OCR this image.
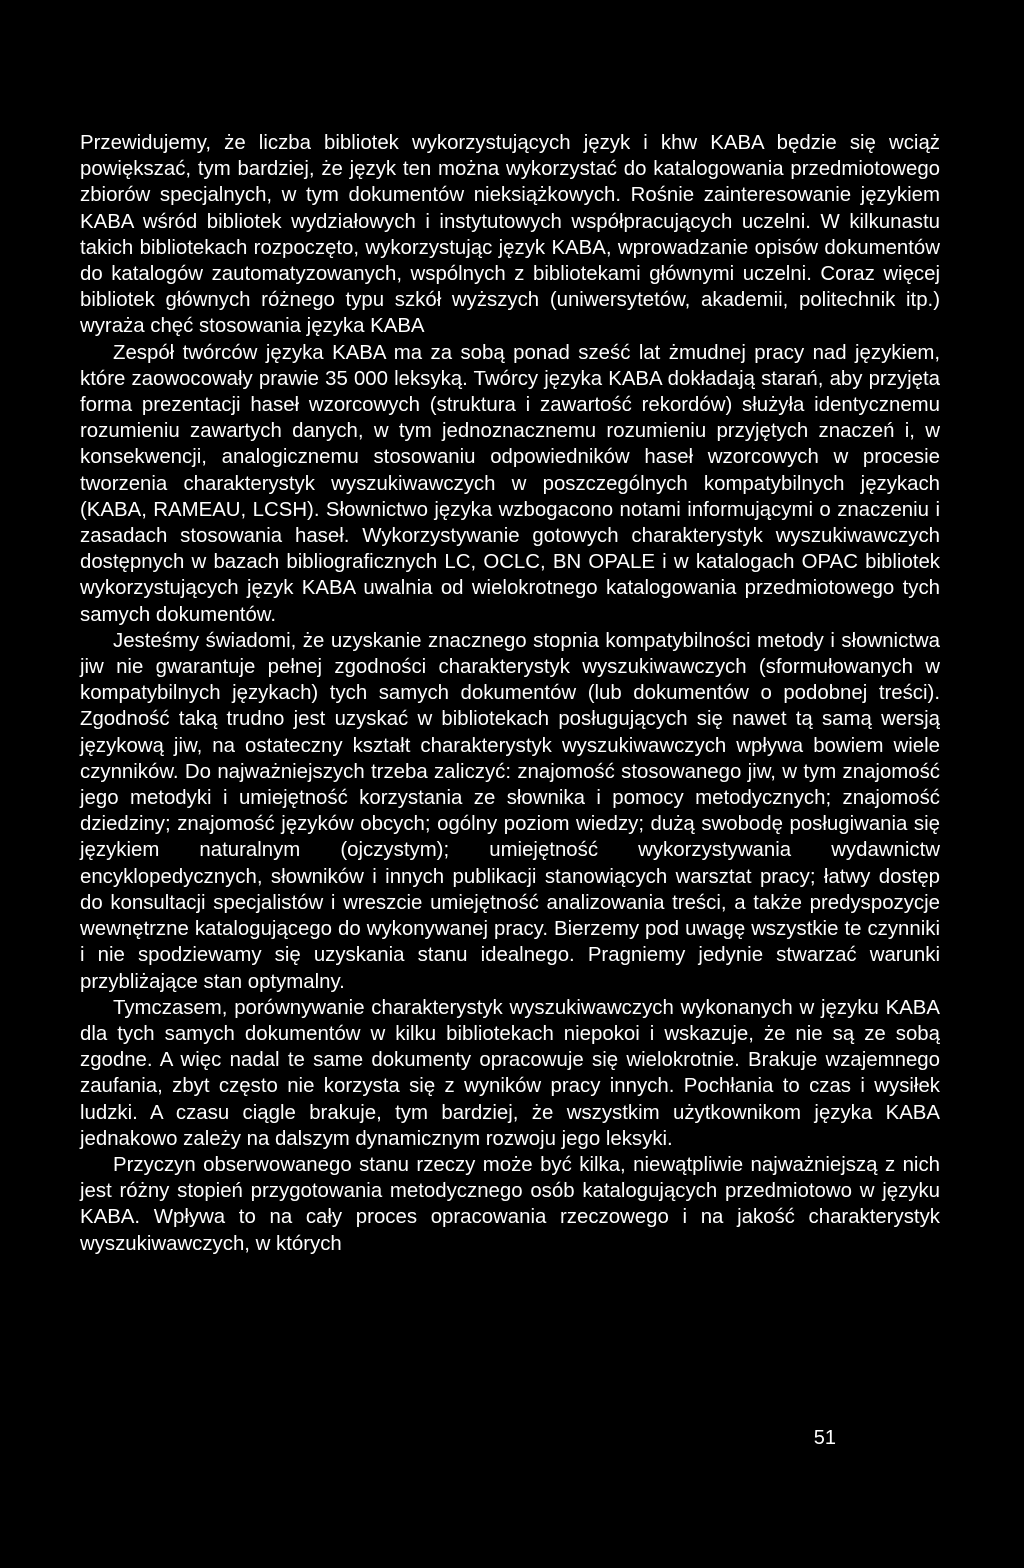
Przewidujemy, że liczba bibliotek wykorzystujących język i khw KABA będzie się wciąż powiększać, tym bardziej, że język ten można wykorzystać do katalogowania przedmiotowego zbiorów specjalnych, w tym dokumentów nieksiążkowych. Rośnie zainteresowanie językiem KABA wśród bibliotek wydziałowych i instytutowych współpracujących uczelni. W kilkunastu takich bibliotekach rozpoczęto, wykorzystując język KABA, wprowadzanie opisów dokumentów do katalogów zautomatyzowanych, wspólnych z bibliotekami głównymi uczelni. Coraz więcej bibliotek głównych różnego typu szkół wyższych (uniwersytetów, akademii, politechnik itp.) wyraża chęć stosowania języka KABA

Zespół twórców języka KABA ma za sobą ponad sześć lat żmudnej pracy nad językiem, które zaowocowały prawie 35 000 leksyką. Twórcy języka KABA dokładają starań, aby przyjęta forma prezentacji haseł wzorcowych (struktura i zawartość rekordów) służyła identycznemu rozumieniu zawartych danych, w tym jednoznacznemu rozumieniu przyjętych znaczeń i, w konsekwencji, analogicznemu stosowaniu odpowiedników haseł wzorcowych w procesie tworzenia charakterystyk wyszukiwawczych w poszczególnych kompatybilnych językach (KABA, RAMEAU, LCSH). Słownictwo języka wzbogacono notami informującymi o znaczeniu i zasadach stosowania haseł. Wykorzystywanie gotowych charakterystyk wyszukiwawczych dostępnych w bazach bibliograficznych LC, OCLC, BN OPALE i w katalogach OPAC bibliotek wykorzystujących język KABA uwalnia od wielokrotnego katalogowania przedmiotowego tych samych dokumentów.

Jesteśmy świadomi, że uzyskanie znacznego stopnia kompatybilności metody i słownictwa jiw nie gwarantuje pełnej zgodności charakterystyk wyszukiwawczych (sformułowanych w kompatybilnych językach) tych samych dokumentów (lub dokumentów o podobnej treści). Zgodność taką trudno jest uzyskać w bibliotekach posługujących się nawet tą samą wersją językową jiw, na ostateczny kształt charakterystyk wyszukiwawczych wpływa bowiem wiele czynników. Do najważniejszych trzeba zaliczyć: znajomość stosowanego jiw, w tym znajomość jego metodyki i umiejętność korzystania ze słownika i pomocy metodycznych; znajomość dziedziny; znajomość języków obcych; ogólny poziom wiedzy; dużą swobodę posługiwania się językiem naturalnym (ojczystym); umiejętność wykorzystywania wydawnictw encyklopedycznych, słowników i innych publikacji stanowiących warsztat pracy; łatwy dostęp do konsultacji specjalistów i wreszcie umiejętność analizowania treści, a także predyspozycje wewnętrzne katalogującego do wykonywanej pracy. Bierzemy pod uwagę wszystkie te czynniki i nie spodziewamy się uzyskania stanu idealnego. Pragniemy jedynie stwarzać warunki przybliżające stan optymalny.

Tymczasem, porównywanie charakterystyk wyszukiwawczych wykonanych w języku KABA dla tych samych dokumentów w kilku bibliotekach niepokoi i wskazuje, że nie są ze sobą zgodne. A więc nadal te same dokumenty opracowuje się wielokrotnie. Brakuje wzajemnego zaufania, zbyt często nie korzysta się z wyników pracy innych. Pochłania to czas i wysiłek ludzki. A czasu ciągle brakuje, tym bardziej, że wszystkim użytkownikom języka KABA jednakowo zależy na dalszym dynamicznym rozwoju jego leksyki.

Przyczyn obserwowanego stanu rzeczy może być kilka, niewątpliwie najważniejszą z nich jest różny stopień przygotowania metodycznego osób katalogujących przedmiotowo w języku KABA. Wpływa to na cały proces opracowania rzeczowego i na jakość charakterystyk wyszukiwawczych, w których

51
